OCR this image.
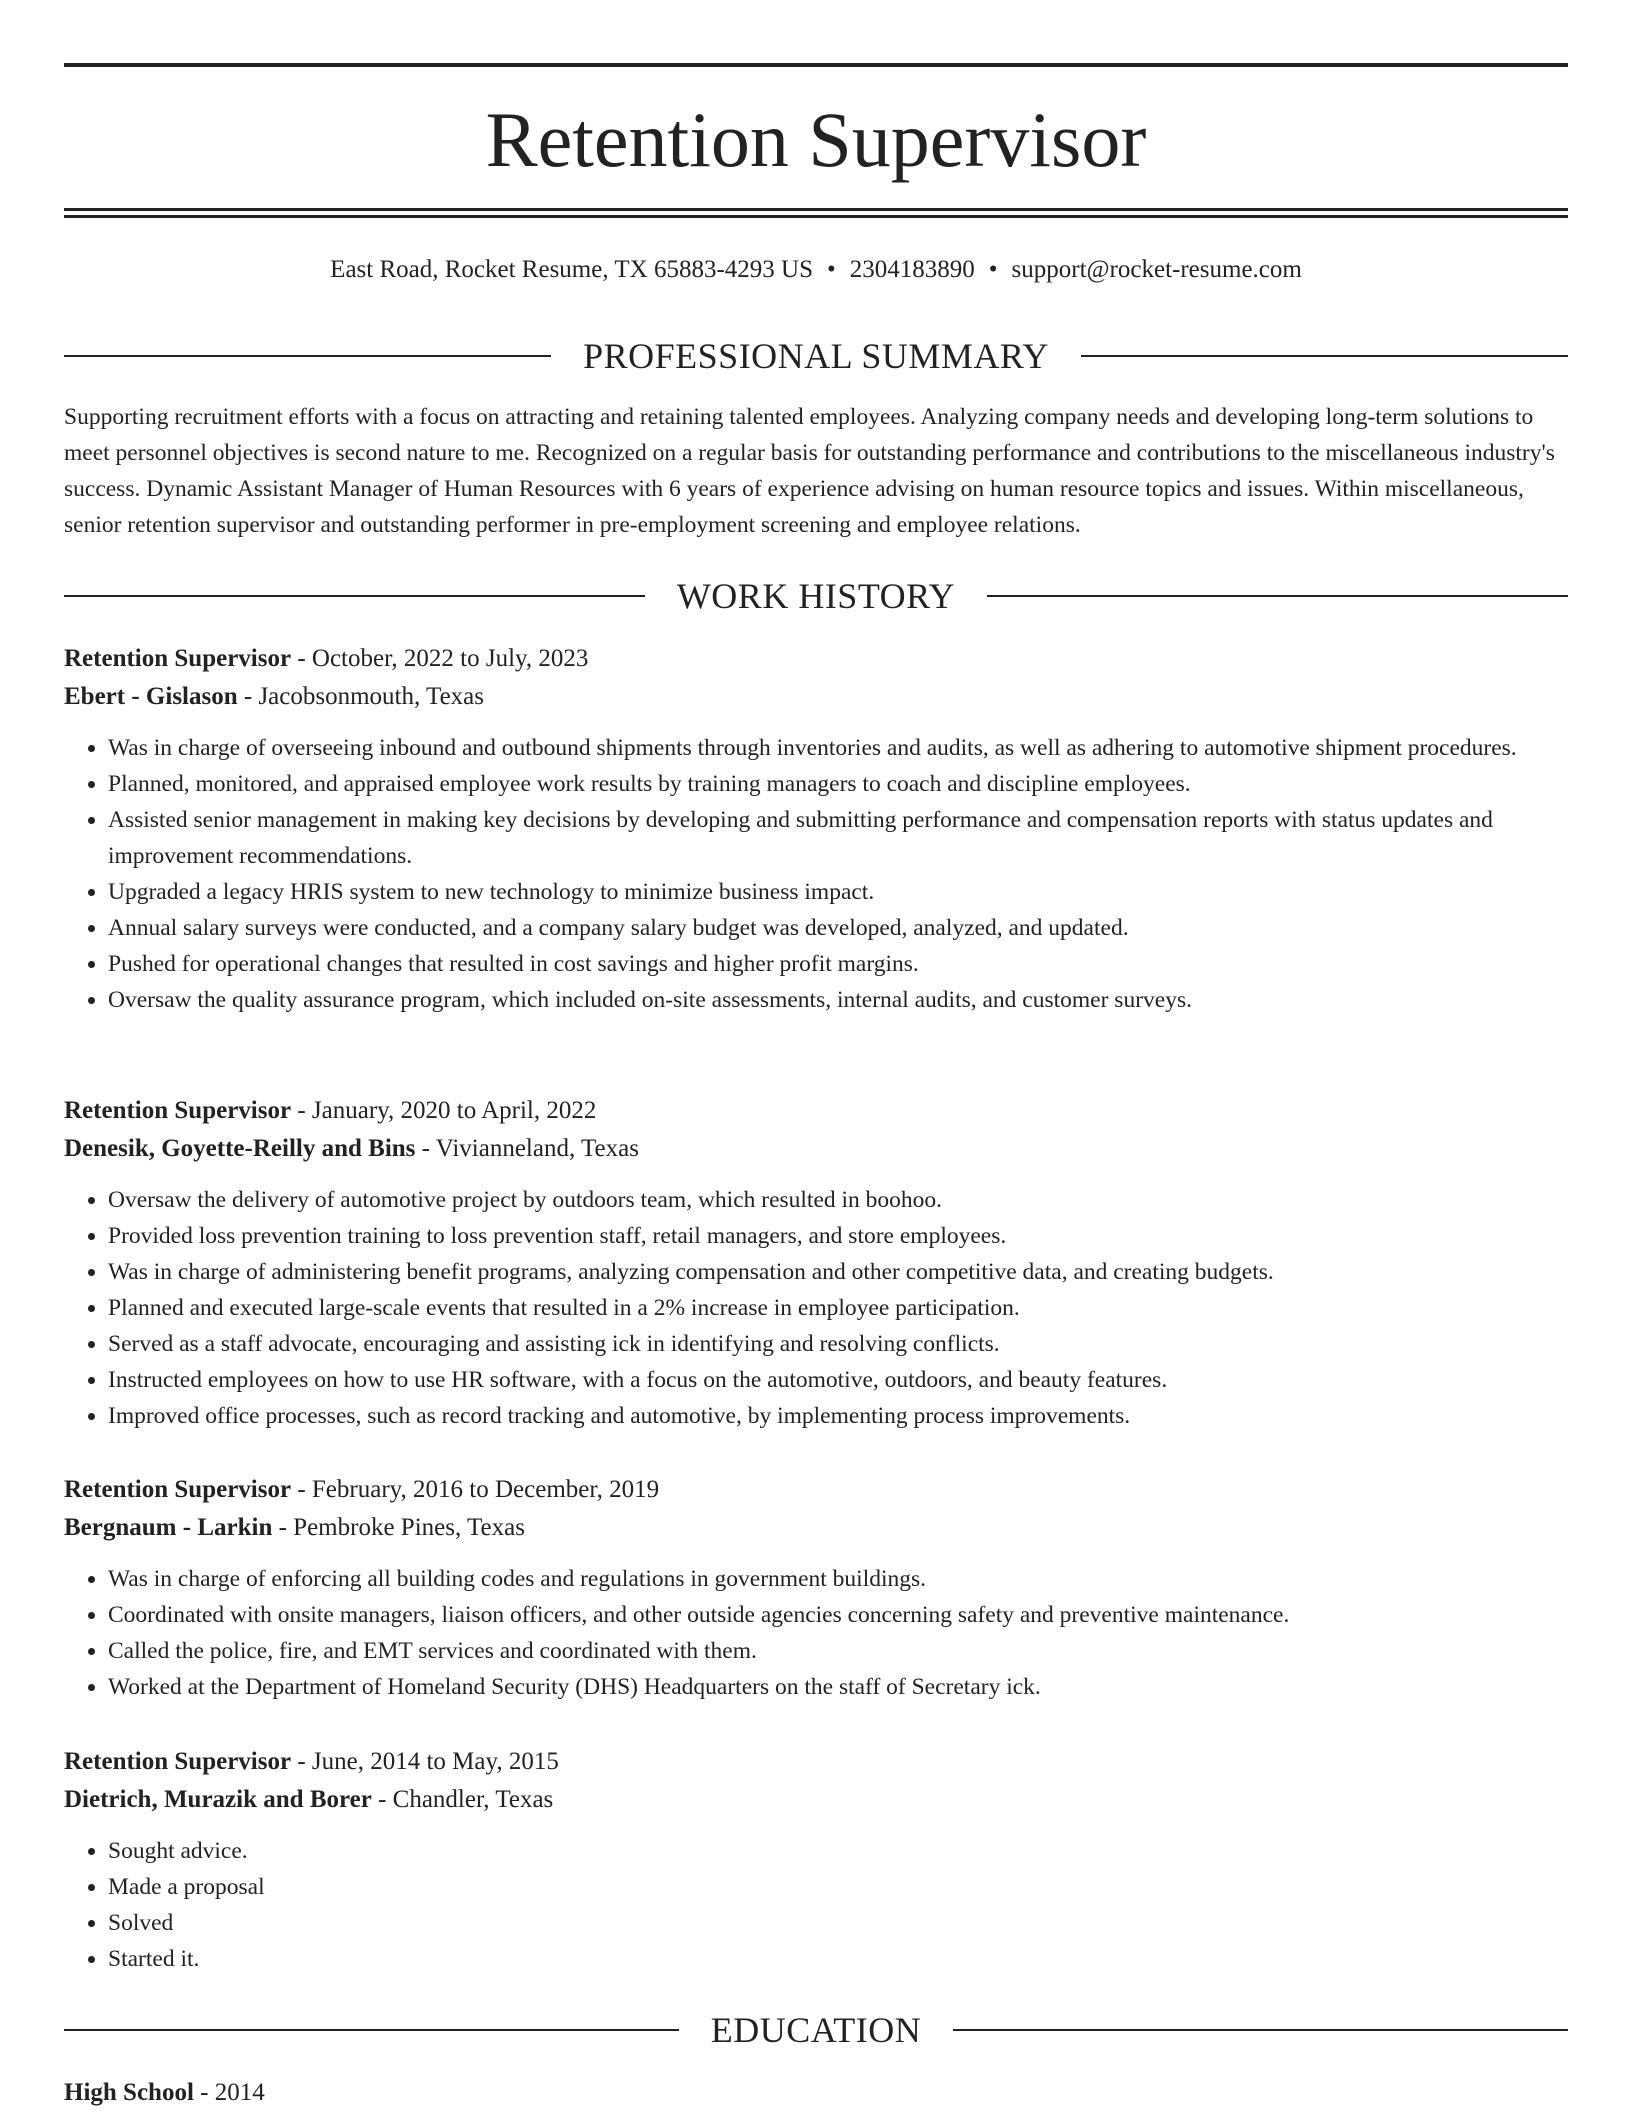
Retention Supervisor
East Road, Rocket Resume, TX 65883-4293 US • 2304183890 • support@rocket-resume.com
PROFESSIONAL SUMMARY

Supporting recruitment efforts with a focus on attracting and retaining talented employees. Analyzing company needs and developing long-term solutions to meet personnel objectives is second nature to me. Recognized on a regular basis for outstanding performance and contributions to the miscellaneous industry's success. Dynamic Assistant Manager of Human Resources with 6 years of experience advising on human resource topics and issues. Within miscellaneous, senior retention supervisor and outstanding performer in pre-employment screening and employee relations.

WORK HISTORY
Retention Supervisor - October, 2022 to July, 2023
Ebert - Gislason - Jacobsonmouth, Texas
• Was in charge of overseeing inbound and outbound shipments through inventories and audits, as well as adhering to automotive shipment procedures.
• Planned, monitored, and appraised employee work results by training managers to coach and discipline employees.
• Assisted senior management in making key decisions by developing and submitting performance and compensation reports with status updates and improvement recommendations.
• Upgraded a legacy HRIS system to new technology to minimize business impact.
• Annual salary surveys were conducted, and a company salary budget was developed, analyzed, and updated.
• Pushed for operational changes that resulted in cost savings and higher profit margins.
• Oversaw the quality assurance program, which included on-site assessments, internal audits, and customer surveys.
Retention Supervisor - January, 2020 to April, 2022
Denesik, Goyette-Reilly and Bins - Vivianneland, Texas
• Oversaw the delivery of automotive project by outdoors team, which resulted in boohoo.
• Provided loss prevention training to loss prevention staff, retail managers, and store employees.
• Was in charge of administering benefit programs, analyzing compensation and other competitive data, and creating budgets.
• Planned and executed large-scale events that resulted in a 2% increase in employee participation.
• Served as a staff advocate, encouraging and assisting ick in identifying and resolving conflicts.
• Instructed employees on how to use HR software, with a focus on the automotive, outdoors, and beauty features.
• Improved office processes, such as record tracking and automotive, by implementing process improvements.
Retention Supervisor - February, 2016 to December, 2019
Bergnaum - Larkin - Pembroke Pines, Texas
• Was in charge of enforcing all building codes and regulations in government buildings.
• Coordinated with onsite managers, liaison officers, and other outside agencies concerning safety and preventive maintenance.
• Called the police, fire, and EMT services and coordinated with them.
• Worked at the Department of Homeland Security (DHS) Headquarters on the staff of Secretary ick.
Retention Supervisor - June, 2014 to May, 2015
Dietrich, Murazik and Borer - Chandler, Texas
• Sought advice.
• Made a proposal
• Solved
• Started it.
EDUCATION
High School - 2014
